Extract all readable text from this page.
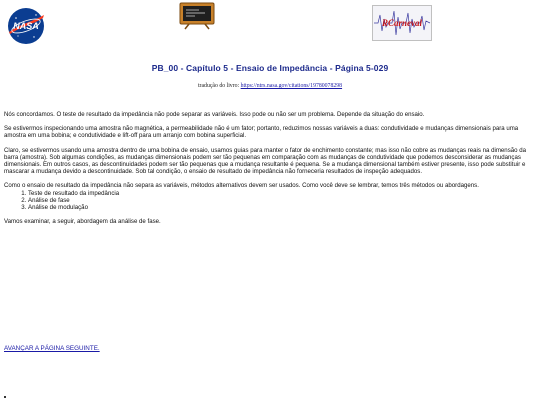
NASA	RCarneval
PB_00 - Capítulo 5 - Ensaio de Impedância - Página 5-029
tradução do livro: https://ntrs.nasa.gov/citations/19780078298

Nós concordamos. O teste de resultado da impedância não pode separar as variáveis. Isso pode ou não ser um problema. Depende da situação do ensaio.

Se estivermos inspecionando uma amostra não magnética, a permeabilidade não é um fator; portanto, reduzimos nossas variáveis a duas: condutividade e mudanças dimensionais para uma amostra em uma bobina; e condutividade e lift-off para um arranjo com bobina superficial.

Claro, se estivermos usando uma amostra dentro de uma bobina de ensaio, usamos guias para manter o fator de enchimento constante; mas isso não cobre as mudanças reais na dimensão da barra (amostra). Sob algumas condições, as mudanças dimensionais podem ser tão pequenas em comparação com as mudanças de condutividade que podemos desconsiderar as mudanças dimensionais. Em outros casos, as descontinuidades podem ser tão pequenas que a mudança resultante é pequena. Se a mudança dimensional também estiver presente, isso pode substituir e mascarar a mudança devido a descontinuidade. Sob tal condição, o ensaio de resultado de impedância não forneceria resultados de inspeção adequados.

Como o ensaio de resultado da impedância não separa as variáveis, métodos alternativos devem ser usados. Como você deve se lembrar, temos três métodos ou abordagens.

1. Teste de resultado da impedância
2. Análise de fase
3. Análise de modulação

Vamos examinar, a seguir, abordagem da análise de fase.

AVANÇAR A PÁGINA SEGUINTE.
